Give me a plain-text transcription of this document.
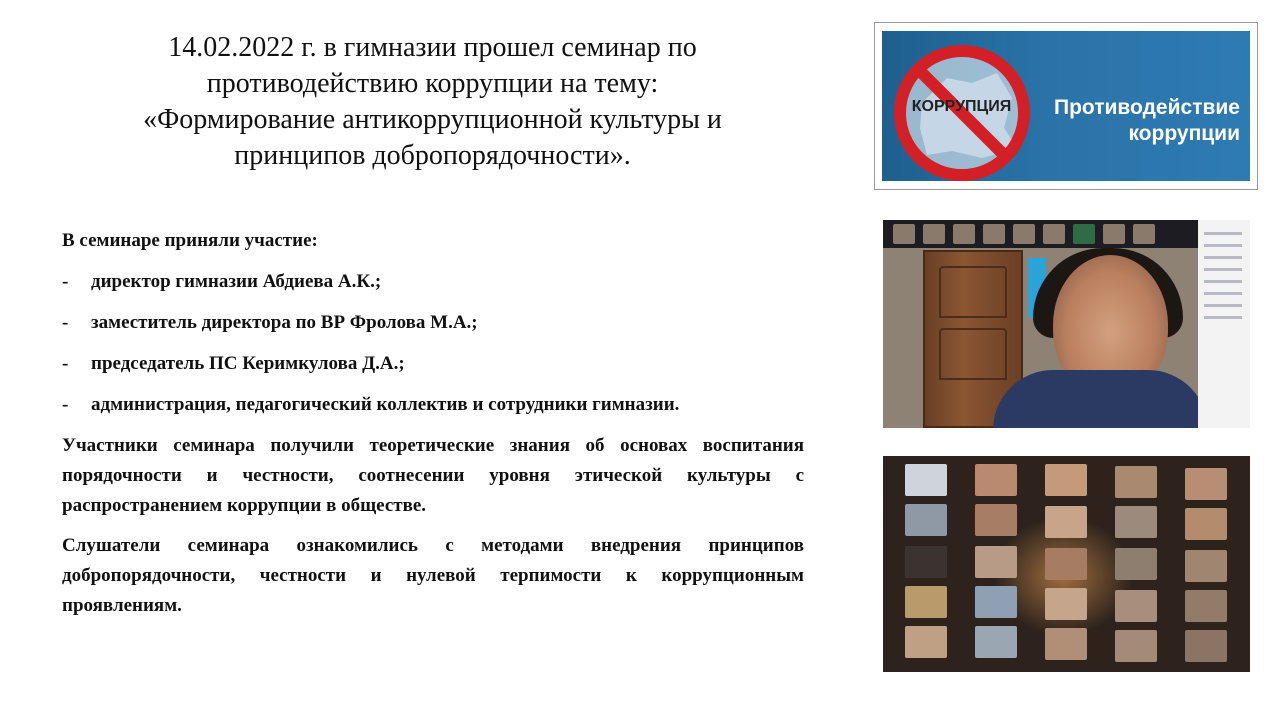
14.02.2022 г. в гимназии прошел семинар по
противодействию коррупции на тему:
«Формирование антикоррупционной культуры и
принципов добропорядочности».

В семинаре приняли участие:

- директор гимназии Абдиева А.К.;
- заместитель директора по ВР Фролова М.А.;
- председатель ПС Керимкулова Д.А.;
- администрация, педагогический коллектив и сотрудники гимназии.

Участники семинара получили теоретические знания об основах воспитания порядочности и честности, соотнесении уровня этической культуры с распространением коррупции в обществе.

Слушатели семинара ознакомились с методами внедрения принципов добропорядочности, честности и нулевой терпимости к коррупционным проявлениям.

КОРРУПЦИЯ	Противодействие
коррупции
